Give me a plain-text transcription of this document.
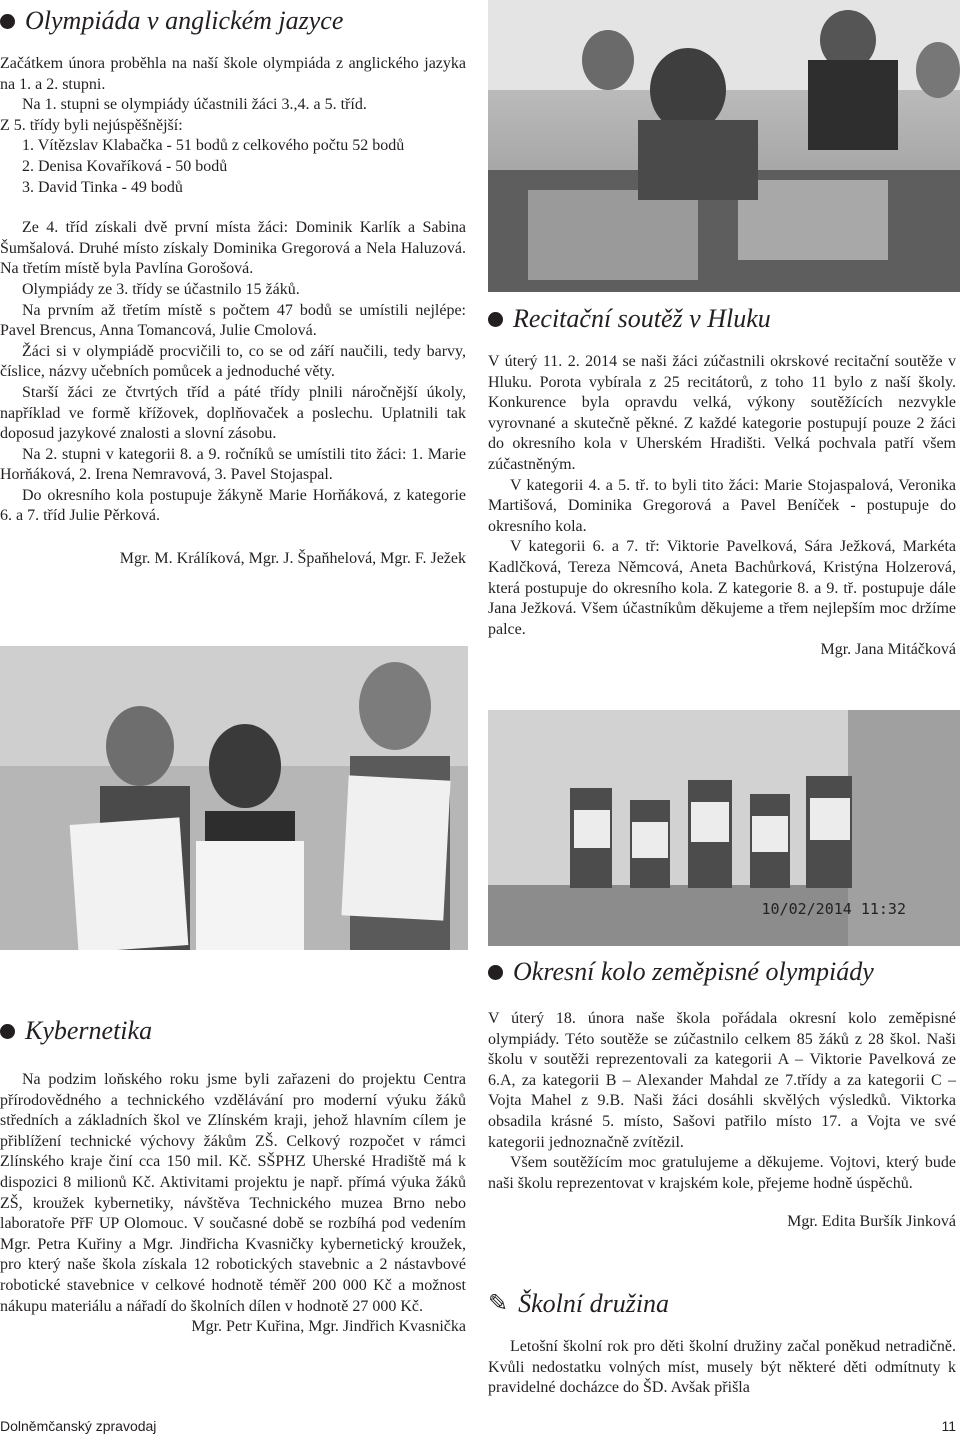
Olympiáda v anglickém jazyce

Začátkem února proběhla na naší škole olympiáda z anglického jazyka na 1. a 2. stupni.

Na 1. stupni se olympiády účastnili žáci 3.,4. a 5. tříd.

Z 5. třídy byli nejúspěšnější:

1. Vítězslav Klabačka - 51 bodů z celkového počtu 52 bodů

2. Denisa Kovaříková - 50 bodů

3. David Tinka - 49 bodů

Ze 4. tříd získali dvě první místa žáci: Dominik Karlík a Sabina Šumšalová. Druhé místo získaly Dominika Gregorová a Nela Haluzová. Na třetím místě byla Pavlína Gorošová.

Olympiády ze 3. třídy se účastnilo 15 žáků.

Na prvním až třetím místě s počtem 47 bodů se umístili nejlépe: Pavel Brencus, Anna Tomancová, Julie Cmolová.

Žáci si v olympiádě procvičili to, co se od září naučili, tedy barvy, číslice, názvy učebních pomůcek a jednoduché věty.

Starší žáci ze čtvrtých tříd a páté třídy plnili náročnější úkoly, například ve formě křížovek, doplňovaček a poslechu. Uplatnili tak doposud jazykové znalosti a slovní zásobu.

Na 2. stupni v kategorii 8. a 9. ročníků se umístili tito žáci: 1. Marie Horňáková, 2. Irena Nemravová, 3. Pavel Stojaspal.

Do okresního kola postupuje žákyně Marie Horňáková, z kategorie 6. a 7. tříd Julie Pěrková.

Mgr. M. Králíková, Mgr. J. Špaňhelová, Mgr. F. Ježek

Recitační soutěž v Hluku

V úterý 11. 2. 2014 se naši žáci zúčastnili okrskové recitační soutěže v Hluku. Porota vybírala z 25 recitátorů, z toho 11 bylo z naší školy. Konkurence byla opravdu velká, výkony soutěžících nezvykle vyrovnané a skutečně pěkné. Z každé kategorie postupují pouze 2 žáci do okresního kola v Uherském Hradišti. Velká pochvala patří všem zúčastněným.

V kategorii 4. a 5. tř. to byli tito žáci: Marie Stojaspalová, Veronika Martišová, Dominika Gregorová a Pavel Beníček - postupuje do okresního kola.

V kategorii 6. a 7. tř: Viktorie Pavelková, Sára Ježková, Markéta Kadlčková, Tereza Němcová, Aneta Bachůrková, Kristýna Holzerová, která postupuje do okresního kola. Z kategorie 8. a 9. tř. postupuje dále Jana Ježková. Všem účastníkům děkujeme a třem nejlepším moc držíme palce.

Mgr. Jana Mitáčková

10/02/2014 11:32
Okresní kolo zeměpisné olympiády

V úterý 18. února naše škola pořádala okresní kolo zeměpisné olympiády. Této soutěže se zúčastnilo celkem 85 žáků z 28 škol. Naši školu v soutěži reprezentovali za kategorii A – Viktorie Pavelková ze 6.A, za kategorii B – Alexander Mahdal ze 7.třídy a za kategorii C – Vojta Mahel z 9.B. Naši žáci dosáhli skvělých výsledků. Viktorka obsadila krásné 5. místo, Sašovi patřilo místo 17. a Vojta ve své kategorii jednoznačně zvítězil.

Všem soutěžícím moc gratulujeme a děkujeme. Vojtovi, který bude naši školu reprezentovat v krajském kole, přejeme hodně úspěchů.

Mgr. Edita Buršík Jinková

Kybernetika

Na podzim loňského roku jsme byli zařazeni do projektu Centra přírodovědného a technického vzdělávání pro moderní výuku žáků středních a základních škol ve Zlínském kraji, jehož hlavním cílem je přiblížení technické výchovy žákům ZŠ. Celkový rozpočet v rámci Zlínského kraje činí cca 150 mil. Kč. SŠPHZ Uherské Hradiště má k dispozici 8 milionů Kč. Aktivitami projektu je např. přímá výuka žáků ZŠ, kroužek kybernetiky, návštěva Technického muzea Brno nebo laboratoře PřF UP Olomouc. V současné době se rozbíhá pod vedením Mgr. Petra Kuřiny a Mgr. Jindřicha Kvasničky kybernetický kroužek, pro který naše škola získala 12 robotických stavebnic a 2 nástavbové robotické stavebnice v celkové hodnotě téměř 200 000 Kč a možnost nákupu materiálu a nářadí do školních dílen v hodnotě 27 000 Kč.

Mgr. Petr Kuřina, Mgr. Jindřich Kvasnička

✎ Školní družina

Letošní školní rok pro děti školní družiny začal poněkud netradičně. Kvůli nedostatku volných míst, musely být některé děti odmítnuty k pravidelné docházce do ŠD. Avšak přišla

Dolněmčanský zpravodaj	11
